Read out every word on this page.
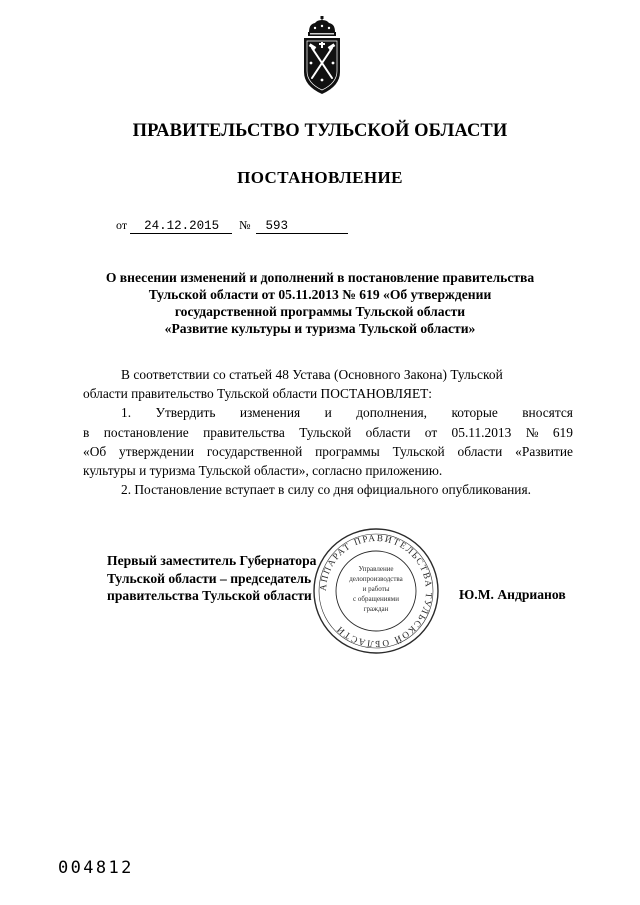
ПРАВИТЕЛЬСТВО ТУЛЬСКОЙ ОБЛАСТИ
ПОСТАНОВЛЕНИЕ
от 24.12.2015 № 593
О внесении изменений и дополнений в постановление правительства
Тульской области от 05.11.2013 № 619 «Об утверждении
государственной программы Тульской области
«Развитие культуры и туризма Тульской области»
В соответствии со статьей 48 Устава (Основного Закона) Тульской
области правительство Тульской области ПОСТАНОВЛЯЕТ:
1. Утвердить изменения и дополнения, которые вносятся
в постановление правительства Тульской области от 05.11.2013 № 619
«Об утверждении государственной программы Тульской области «Развитие
культуры и туризма Тульской области», согласно приложению.
2. Постановление вступает в силу со дня официального опубликования.
АППАРАТ ПРАВИТЕЛЬСТВА ТУЛЬСКОЙ ОБЛАСТИ
Управление
делопроизводства
и работы
с обращениями
граждан
Первый заместитель Губернатора
Тульской области – председатель
правительства Тульской области	Ю.М. Андрианов
004812
